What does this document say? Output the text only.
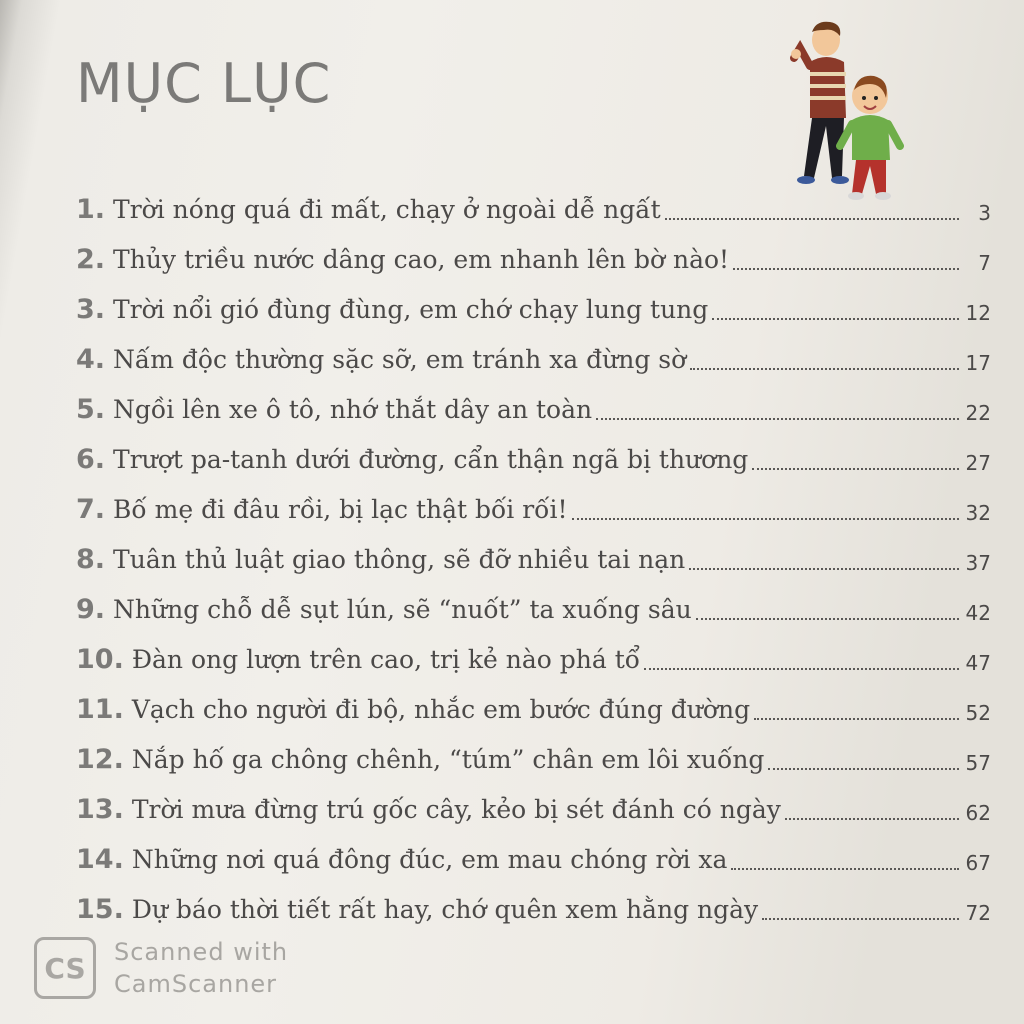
MỤC LỤC
1. Trời nóng quá đi mất, chạy ở ngoài dễ ngất	3
2. Thủy triều nước dâng cao, em nhanh lên bờ nào!	7
3. Trời nổi gió đùng đùng, em chớ chạy lung tung	12
4. Nấm độc thường sặc sỡ, em tránh xa đừng sờ	17
5. Ngồi lên xe ô tô, nhớ thắt dây an toàn	22
6. Trượt pa-tanh dưới đường, cẩn thận ngã bị thương	27
7. Bố mẹ đi đâu rồi, bị lạc thật bối rối!	32
8. Tuân thủ luật giao thông, sẽ đỡ nhiều tai nạn	37
9. Những chỗ dễ sụt lún, sẽ “nuốt” ta xuống sâu	42
10. Đàn ong lượn trên cao, trị kẻ nào phá tổ	47
11. Vạch cho người đi bộ, nhắc em bước đúng đường	52
12. Nắp hố ga chông chênh, “túm” chân em lôi xuống	57
13. Trời mưa đừng trú gốc cây, kẻo bị sét đánh có ngày	62
14. Những nơi quá đông đúc, em mau chóng rời xa	67
15. Dự báo thời tiết rất hay, chớ quên xem hằng ngày	72
CS	Scanned with
CamScanner
